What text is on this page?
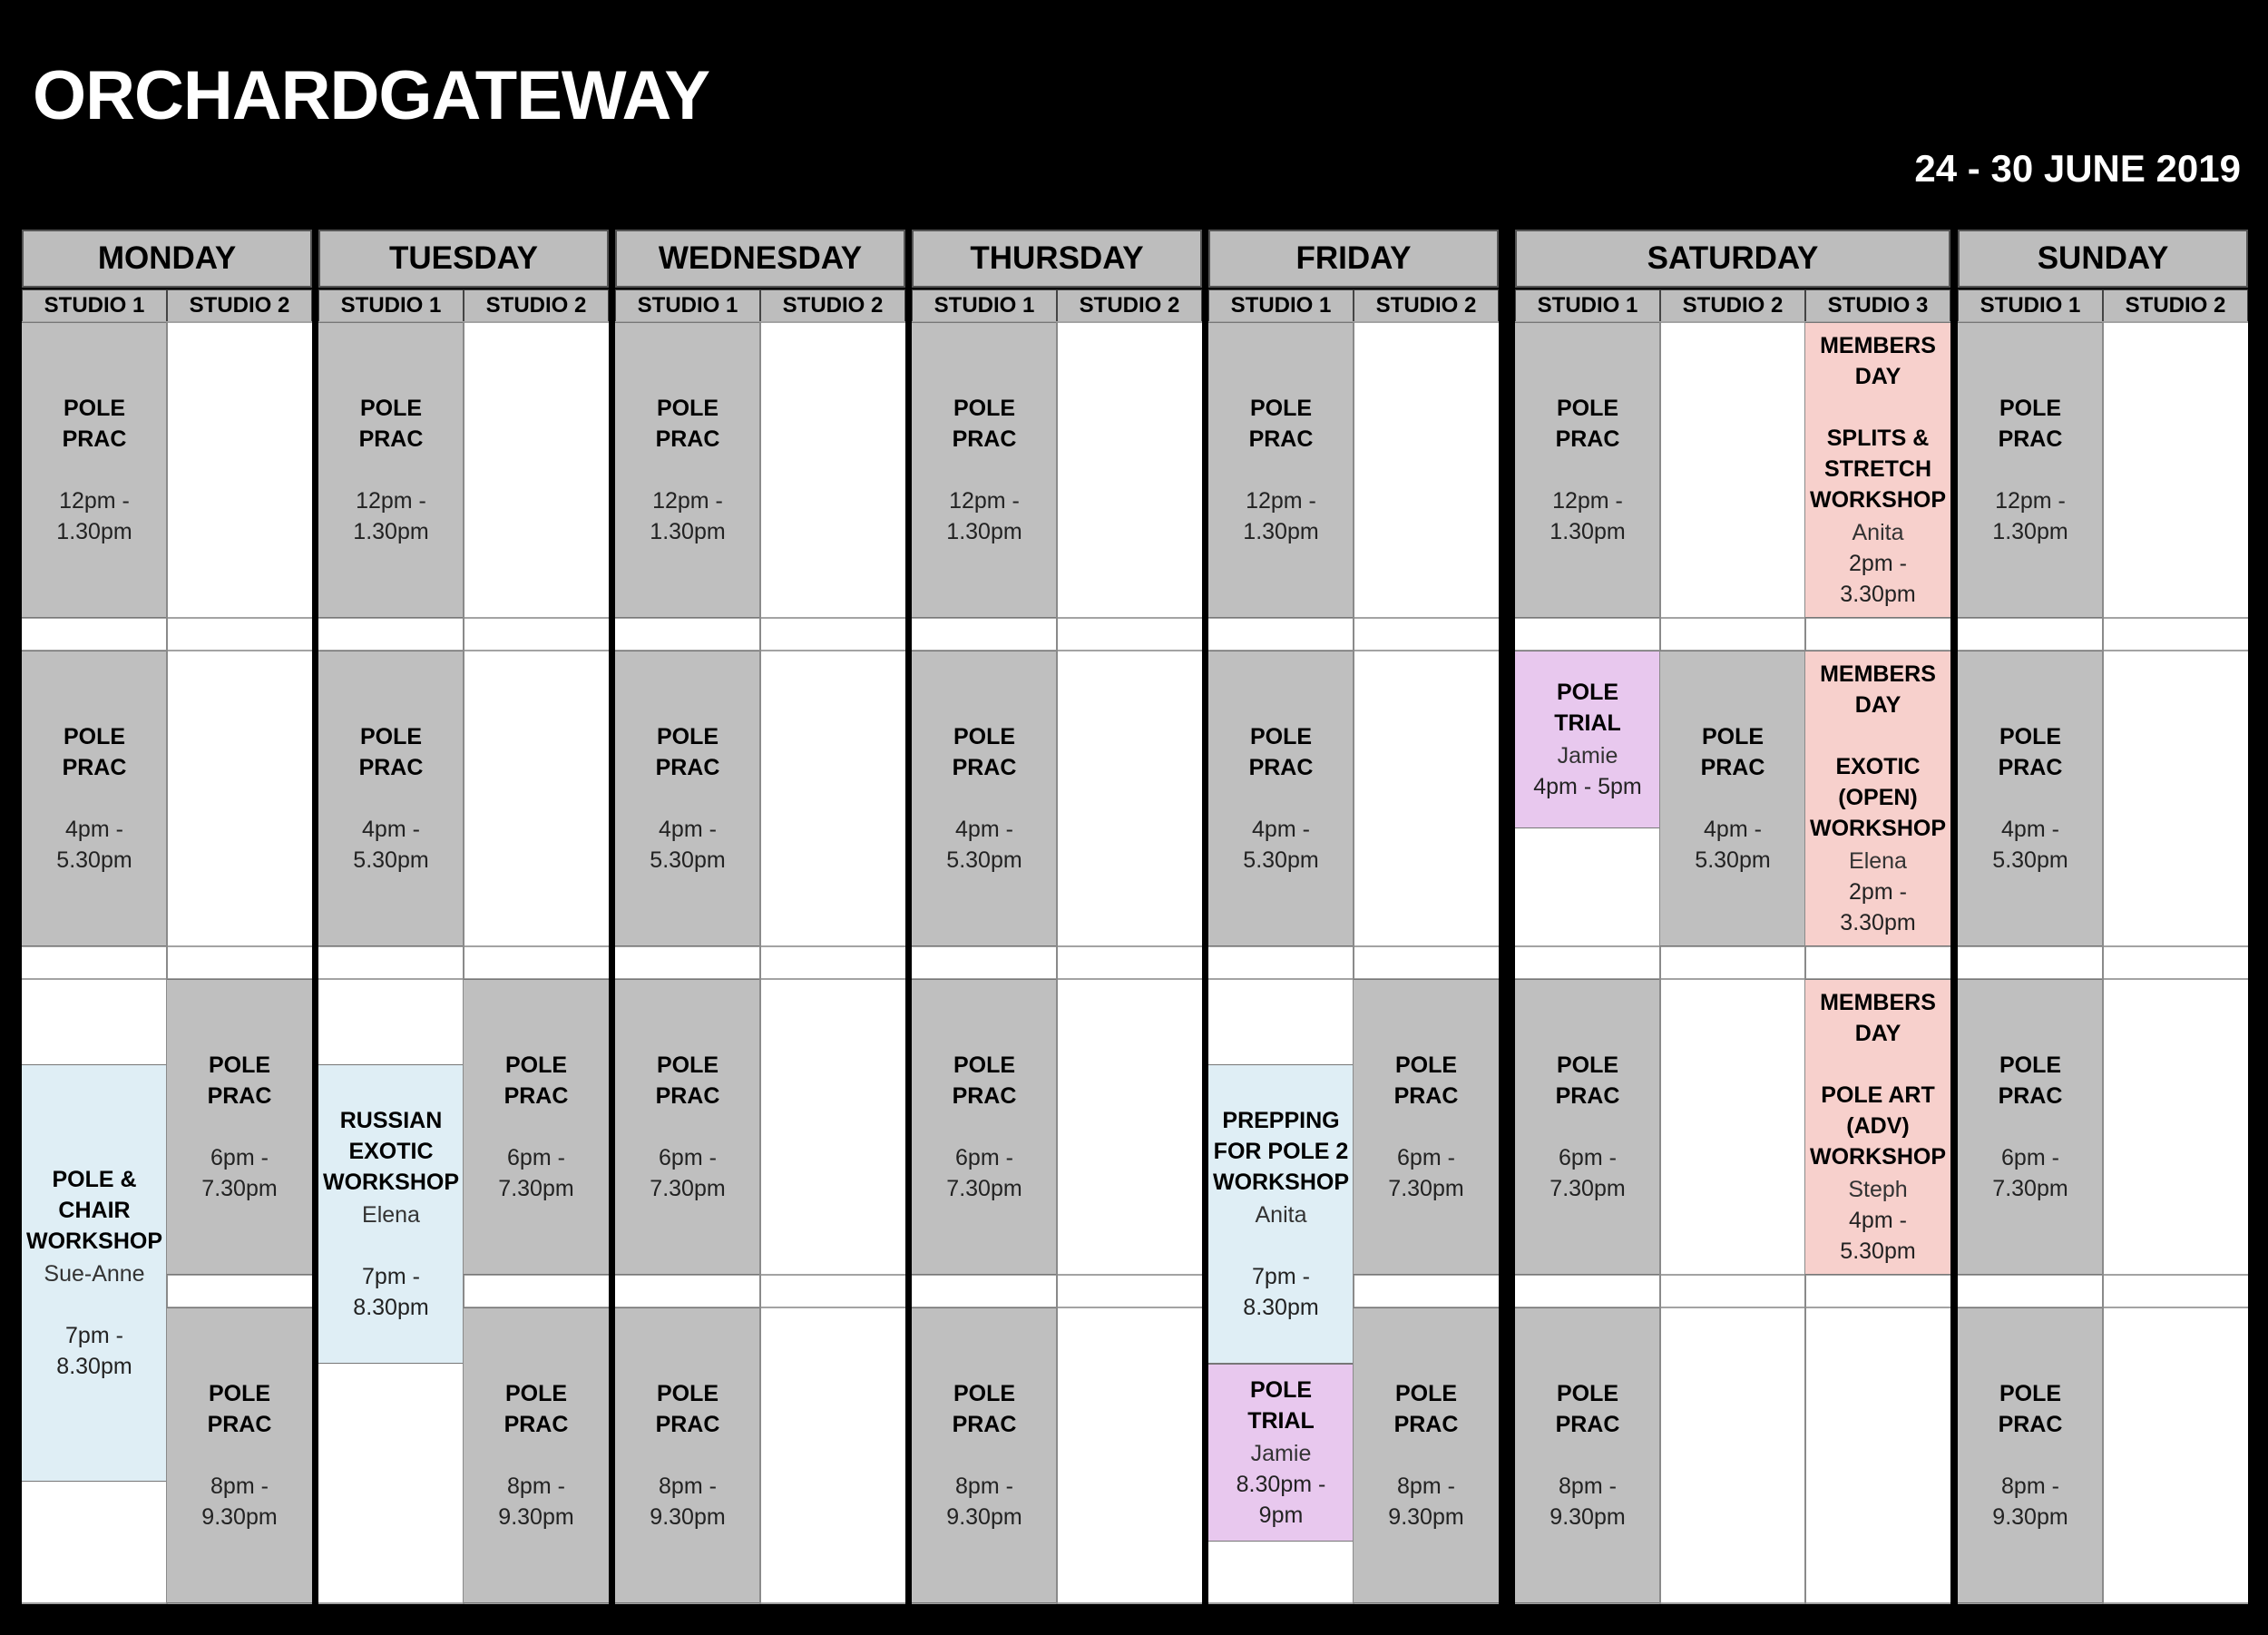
ORCHARDGATEWAY
24 - 30 JUNE 2019
MONDAY
STUDIO 1
POLE
PRAC
12pm -
1.30pm
POLE
PRAC
4pm -
5.30pm
POLE &
CHAIR
WORKSHOP
Sue-Anne
7pm -
8.30pm
STUDIO 2
POLE
PRAC
6pm -
7.30pm
POLE
PRAC
8pm -
9.30pm
TUESDAY
STUDIO 1
POLE
PRAC
12pm -
1.30pm
POLE
PRAC
4pm -
5.30pm
RUSSIAN
EXOTIC
WORKSHOP
Elena
7pm -
8.30pm
STUDIO 2
POLE
PRAC
6pm -
7.30pm
POLE
PRAC
8pm -
9.30pm
WEDNESDAY
STUDIO 1
POLE
PRAC
12pm -
1.30pm
POLE
PRAC
4pm -
5.30pm
POLE
PRAC
6pm -
7.30pm
POLE
PRAC
8pm -
9.30pm
STUDIO 2
THURSDAY
STUDIO 1
POLE
PRAC
12pm -
1.30pm
POLE
PRAC
4pm -
5.30pm
POLE
PRAC
6pm -
7.30pm
POLE
PRAC
8pm -
9.30pm
STUDIO 2
FRIDAY
STUDIO 1
POLE
PRAC
12pm -
1.30pm
POLE
PRAC
4pm -
5.30pm
PREPPING
FOR POLE 2
WORKSHOP
Anita
7pm -
8.30pm
POLE
TRIAL
Jamie
8.30pm -
9pm
STUDIO 2
POLE
PRAC
6pm -
7.30pm
POLE
PRAC
8pm -
9.30pm
SATURDAY
STUDIO 1
POLE
PRAC
12pm -
1.30pm
POLE
TRIAL
Jamie
4pm - 5pm
POLE
PRAC
6pm -
7.30pm
POLE
PRAC
8pm -
9.30pm
STUDIO 2
POLE
PRAC
4pm -
5.30pm
STUDIO 3
MEMBERS
DAY

SPLITS &
STRETCH
WORKSHOP
Anita
2pm -
3.30pm
MEMBERS
DAY

EXOTIC
(OPEN)
WORKSHOP
Elena
2pm -
3.30pm
MEMBERS
DAY

POLE ART
(ADV)
WORKSHOP
Steph
4pm -
5.30pm
SUNDAY
STUDIO 1
POLE
PRAC
12pm -
1.30pm
POLE
PRAC
4pm -
5.30pm
POLE
PRAC
6pm -
7.30pm
POLE
PRAC
8pm -
9.30pm
STUDIO 2
